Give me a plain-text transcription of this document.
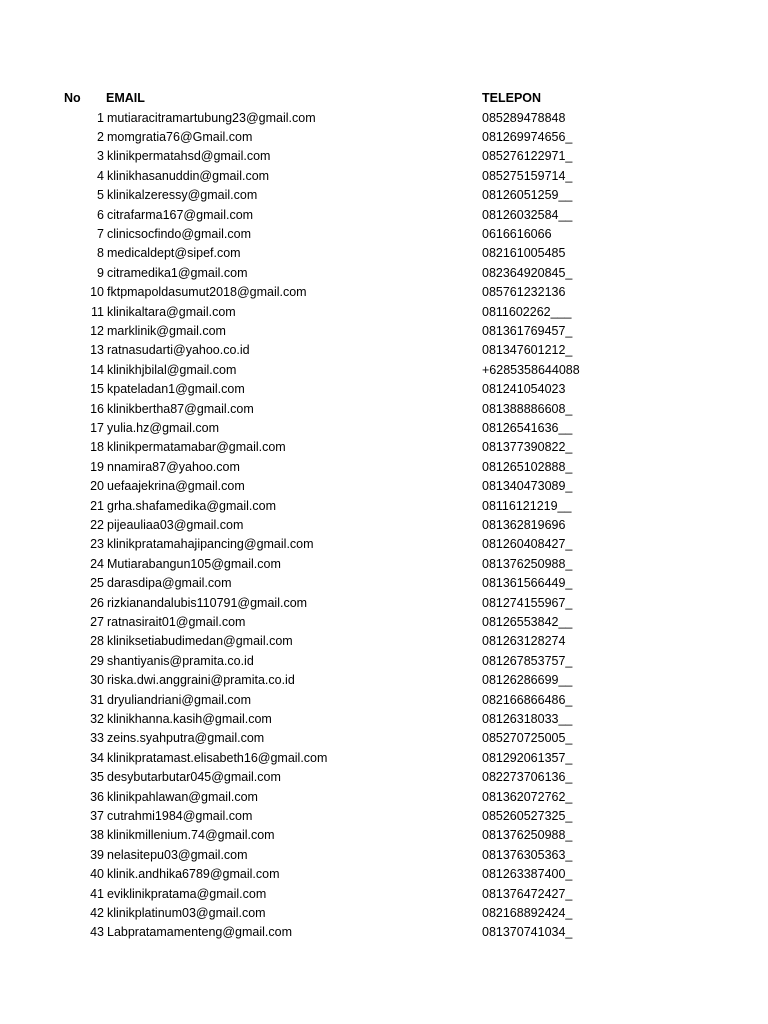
No EMAIL	TELEPON
1 mutiaracitramartubung23@gmail.com	085289478848
2 momgratia76@Gmail.com	081269974656_
3 klinikpermatahsd@gmail.com	085276122971_
4 klinikhasanuddin@gmail.com	085275159714_
5 klinikalzeressy@gmail.com	08126051259__
6 citrafarma167@gmail.com	08126032584__
7 clinicsocfindo@gmail.com	0616616066
8 medicaldept@sipef.com	082161005485
9 citramedika1@gmail.com	082364920845_
10 fktpmapoldasumut2018@gmail.com	085761232136
11 klinikaltara@gmail.com	0811602262___
12 marklinik@gmail.com	081361769457_
13 ratnasudarti@yahoo.co.id	081347601212_
14 klinikhjbilal@gmail.com	+6285358644088
15 kpateladan1@gmail.com	081241054023
16 klinikbertha87@gmail.com	081388886608_
17 yulia.hz@gmail.com	08126541636__
18 klinikpermatamabar@gmail.com	081377390822_
19 nnamira87@yahoo.com	081265102888_
20 uefaajekrina@gmail.com	081340473089_
21 grha.shafamedika@gmail.com	08116121219__
22 pijeauliaa03@gmail.com	081362819696
23 klinikpratamahajipancing@gmail.com	081260408427_
24 Mutiarabangun105@gmail.com	081376250988_
25 darasdipa@gmail.com	081361566449_
26 rizkianandalubis110791@gmail.com	081274155967_
27 ratnasirait01@gmail.com	08126553842__
28 kliniksetiabudimedan@gmail.com	081263128274
29 shantiyanis@pramita.co.id	081267853757_
30 riska.dwi.anggraini@pramita.co.id	08126286699__
31 dryuliandriani@gmail.com	082166866486_
32 klinikhanna.kasih@gmail.com	08126318033__
33 zeins.syahputra@gmail.com	085270725005_
34 klinikpratamast.elisabeth16@gmail.com	081292061357_
35 desybutarbutar045@gmail.com	082273706136_
36 klinikpahlawan@gmail.com	081362072762_
37 cutrahmi1984@gmail.com	085260527325_
38 klinikmillenium.74@gmail.com	081376250988_
39 nelasitepu03@gmail.com	081376305363_
40 klinik.andhika6789@gmail.com	081263387400_
41 eviklinikpratama@gmail.com	081376472427_
42 klinikplatinum03@gmail.com	082168892424_
43 Labpratamamenteng@gmail.com	081370741034_
